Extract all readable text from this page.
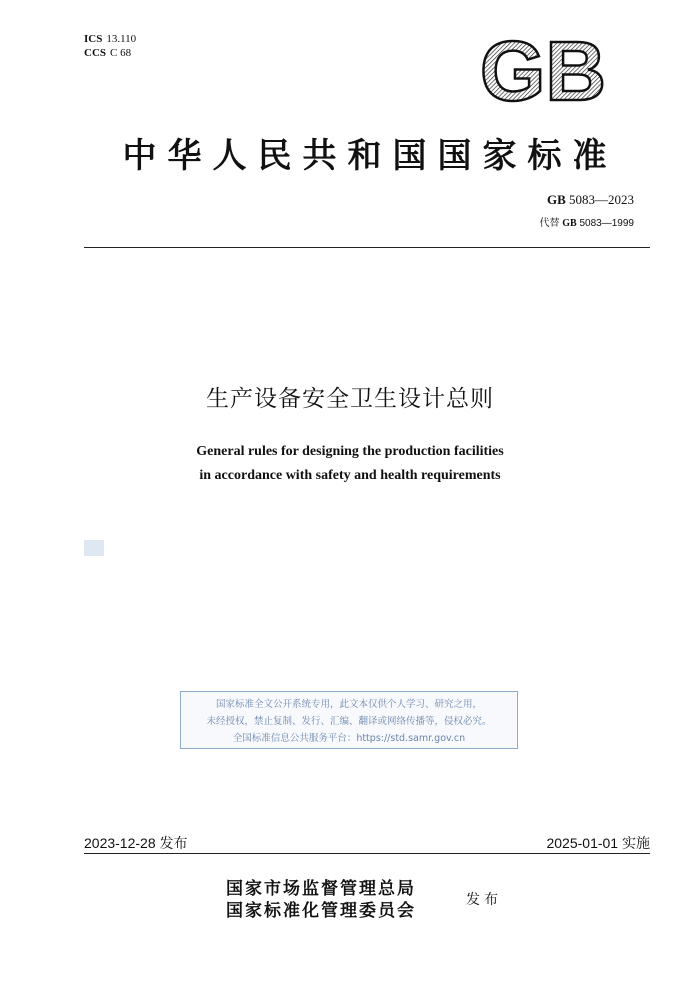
ICS 13.110
CCS C 68	GB
中华人民共和国国家标准
GB 5083—2023
代替 GB 5083—1999
生产设备安全卫生设计总则
General rules for designing the production facilities
in accordance with safety and health requirements
国家标准全文公开系统专用，此文本仅供个人学习、研究之用，
未经授权，禁止复制、发行、汇编、翻译或网络传播等，侵权必究。
全国标准信息公共服务平台：https://std.samr.gov.cn
2023-12-28 发布	2025-01-01 实施
国家市场监督管理总局
国家标准化管理委员会
发布
